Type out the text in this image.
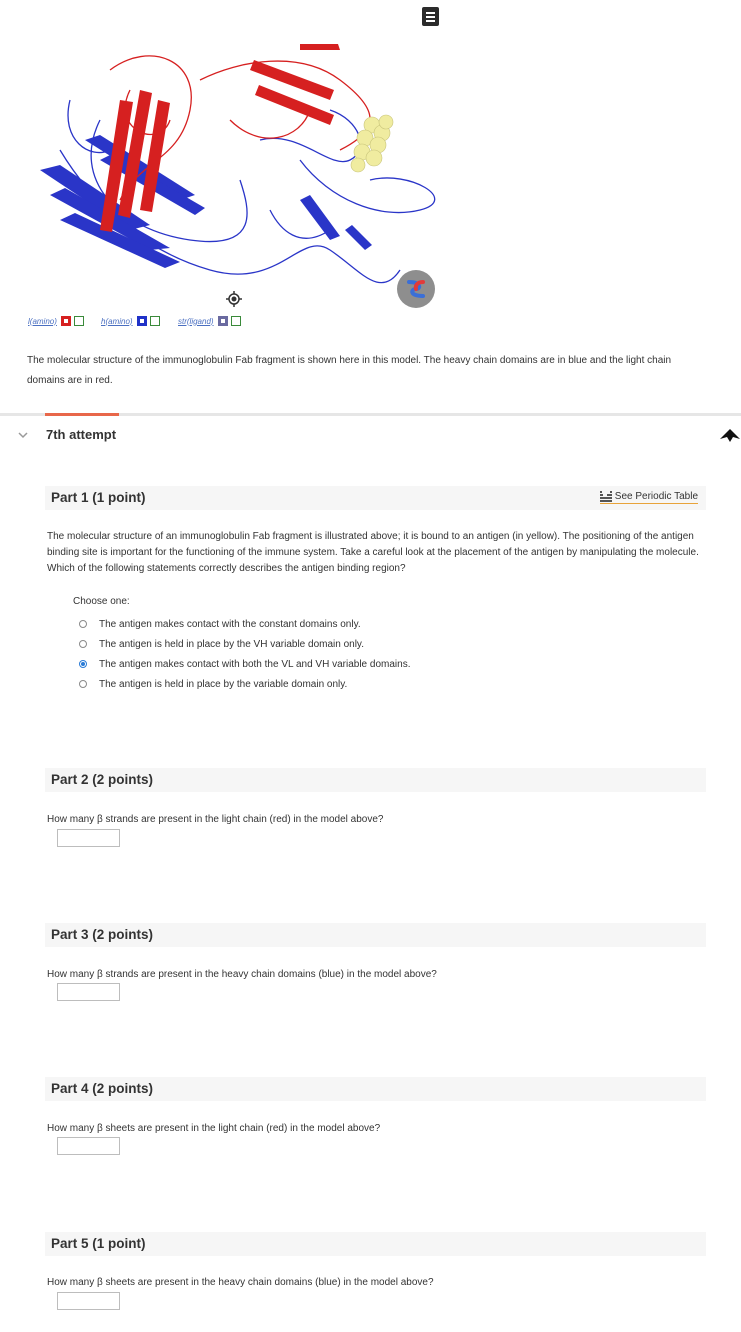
l(amino)	h(amino)	str(ligand)
The molecular structure of the immunoglobulin Fab fragment is shown here in this model. The heavy chain domains are in blue and the light chain domains are in red.
7th attempt
Part 1 (1 point)	See Periodic Table
The molecular structure of an immunoglobulin Fab fragment is illustrated above; it is bound to an antigen (in yellow). The positioning of the antigen binding site is important for the functioning of the immune system. Take a careful look at the placement of the antigen by manipulating the molecule. Which of the following statements correctly describes the antigen binding region?
Choose one:
The antigen makes contact with the constant domains only.
The antigen is held in place by the VH variable domain only.
The antigen makes contact with both the VL and VH variable domains.
The antigen is held in place by the variable domain only.
Part 2 (2 points)
How many β strands are present in the light chain (red) in the model above?
Part 3 (2 points)
How many β strands are present in the heavy chain domains (blue) in the model above?
Part 4 (2 points)
How many β sheets are present in the light chain (red) in the model above?
Part 5 (1 point)
How many β sheets are present in the heavy chain domains (blue) in the model above?
